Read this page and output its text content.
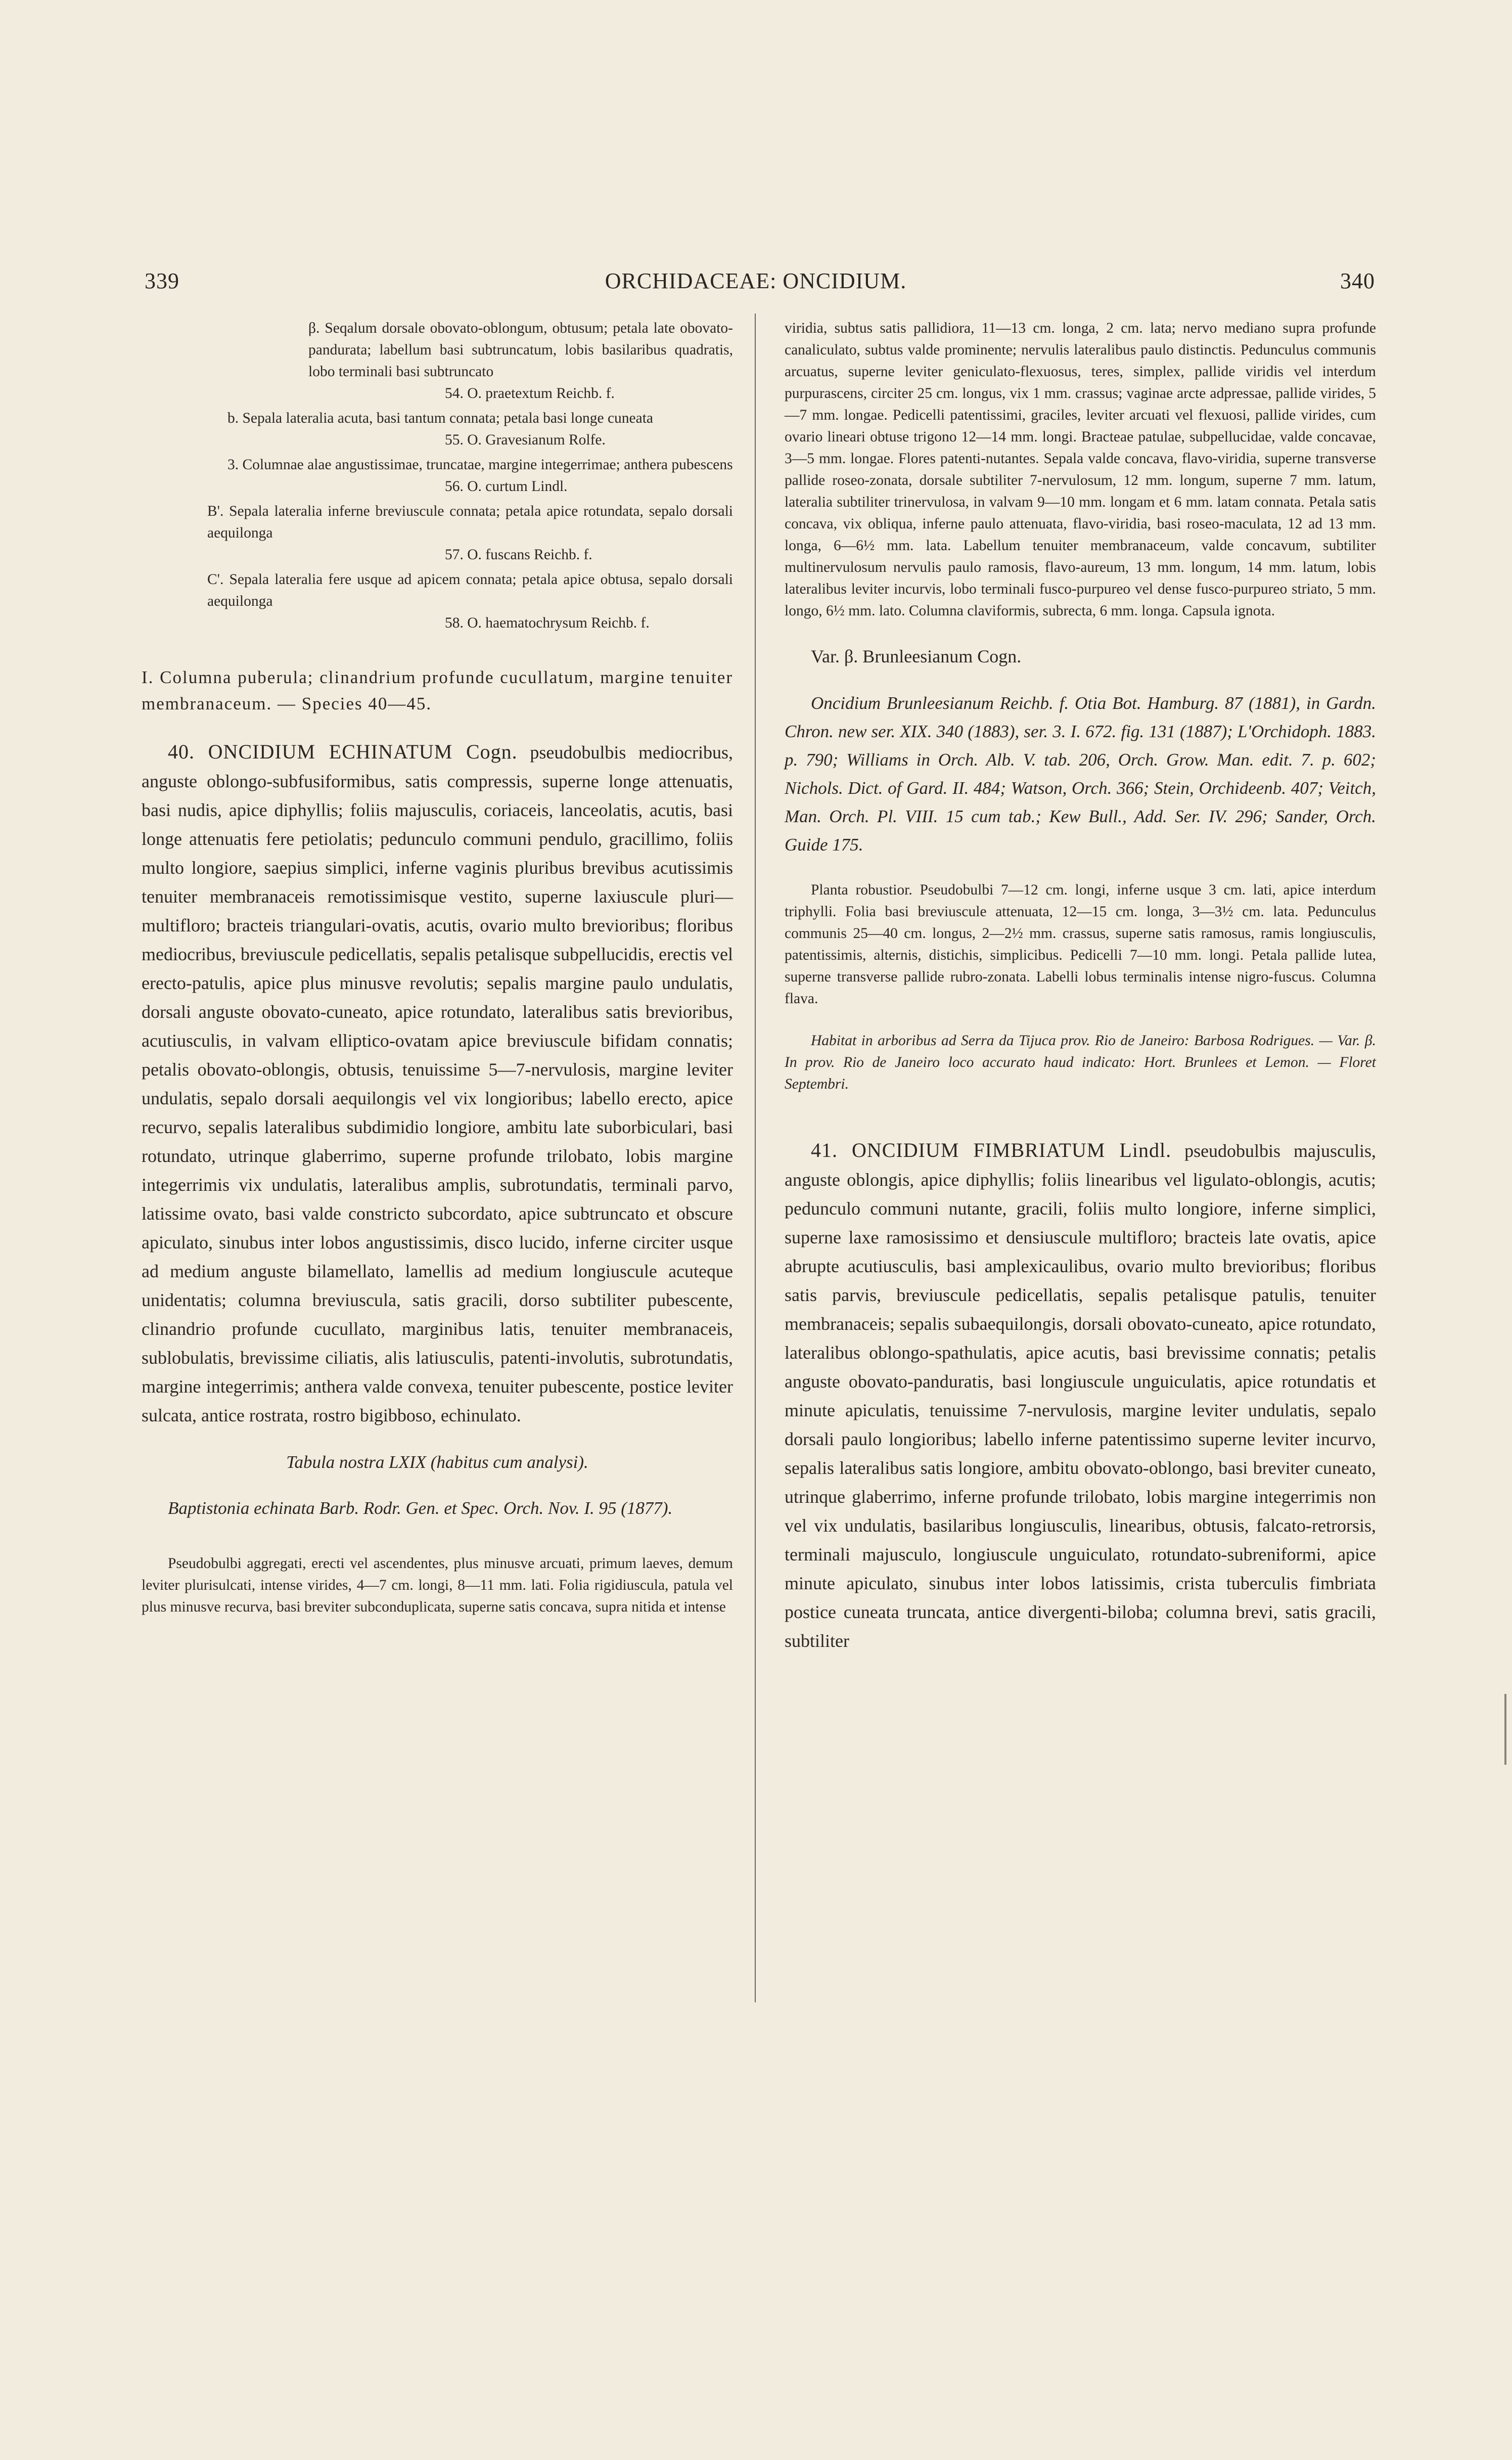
339	ORCHIDACEAE: ONCIDIUM.	340

β. Seqalum dorsale obovato-oblongum, obtusum; petala late obovato-pandurata; labellum basi subtruncatum, lobis basilaribus quadratis, lobo terminali basi subtruncato

54. O. praetextum Reichb. f.

b. Sepala lateralia acuta, basi tantum connata; petala basi longe cuneata

55. O. Gravesianum Rolfe.

3. Columnae alae angustissimae, truncatae, margine integerrimae; anthera pubescens

56. O. curtum Lindl.

B'. Sepala lateralia inferne breviuscule connata; petala apice rotundata, sepalo dorsali aequilonga

57. O. fuscans Reichb. f.

C'. Sepala lateralia fere usque ad apicem connata; petala apice obtusa, sepalo dorsali aequilonga

58. O. haematochrysum Reichb. f.

I. Columna puberula; clinandrium profunde cucullatum, margine tenuiter membranaceum. — Species 40—45.

40. ONCIDIUM ECHINATUM Cogn. pseudobulbis mediocribus, anguste oblongo-subfusiformibus, satis compressis, superne longe attenuatis, basi nudis, apice diphyllis; foliis majusculis, coriaceis, lanceolatis, acutis, basi longe attenuatis fere petiolatis; pedunculo communi pendulo, gracillimo, foliis multo longiore, saepius simplici, inferne vaginis pluribus brevibus acutissimis tenuiter membranaceis remotissimisque vestito, superne laxiuscule pluri—multifloro; bracteis triangulari-ovatis, acutis, ovario multo brevioribus; floribus mediocribus, breviuscule pedicellatis, sepalis petalisque subpellucidis, erectis vel erecto-patulis, apice plus minusve revolutis; sepalis margine paulo undulatis, dorsali anguste obovato-cuneato, apice rotundato, lateralibus satis brevioribus, acutiusculis, in valvam elliptico-ovatam apice breviuscule bifidam connatis; petalis obovato-oblongis, obtusis, tenuissime 5—7-nervulosis, margine leviter undulatis, sepalo dorsali aequilongis vel vix longioribus; labello erecto, apice recurvo, sepalis lateralibus subdimidio longiore, ambitu late suborbiculari, basi rotundato, utrinque glaberrimo, superne profunde trilobato, lobis margine integerrimis vix undulatis, lateralibus amplis, subrotundatis, terminali parvo, latissime ovato, basi valde constricto subcordato, apice subtruncato et obscure apiculato, sinubus inter lobos angustissimis, disco lucido, inferne circiter usque ad medium anguste bilamellato, lamellis ad medium longiuscule acuteque unidentatis; columna breviuscula, satis gracili, dorso subtiliter pubescente, clinandrio profunde cucullato, marginibus latis, tenuiter membranaceis, sublobulatis, brevissime ciliatis, alis latiusculis, patenti-involutis, subrotundatis, margine integerrimis; anthera valde convexa, tenuiter pubescente, postice leviter sulcata, antice rostrata, rostro bigibboso, echinulato.

Tabula nostra LXIX (habitus cum analysi).

Baptistonia echinata Barb. Rodr. Gen. et Spec. Orch. Nov. I. 95 (1877).

Pseudobulbi aggregati, erecti vel ascendentes, plus minusve arcuati, primum laeves, demum leviter plurisulcati, intense virides, 4—7 cm. longi, 8—11 mm. lati. Folia rigidiuscula, patula vel plus minusve recurva, basi breviter subconduplicata, superne satis concava, supra nitida et intense

viridia, subtus satis pallidiora, 11—13 cm. longa, 2 cm. lata; nervo mediano supra profunde canaliculato, subtus valde prominente; nervulis lateralibus paulo distinctis. Pedunculus communis arcuatus, superne leviter geniculato-flexuosus, teres, simplex, pallide viridis vel interdum purpurascens, circiter 25 cm. longus, vix 1 mm. crassus; vaginae arcte adpressae, pallide virides, 5—7 mm. longae. Pedicelli patentissimi, graciles, leviter arcuati vel flexuosi, pallide virides, cum ovario lineari obtuse trigono 12—14 mm. longi. Bracteae patulae, subpellucidae, valde concavae, 3—5 mm. longae. Flores patenti-nutantes. Sepala valde concava, flavo-viridia, superne transverse pallide roseo-zonata, dorsale subtiliter 7-nervulosum, 12 mm. longum, superne 7 mm. latum, lateralia subtiliter trinervulosa, in valvam 9—10 mm. longam et 6 mm. latam connata. Petala satis concava, vix obliqua, inferne paulo attenuata, flavo-viridia, basi roseo-maculata, 12 ad 13 mm. longa, 6—6½ mm. lata. Labellum tenuiter membranaceum, valde concavum, subtiliter multinervulosum nervulis paulo ramosis, flavo-aureum, 13 mm. longum, 14 mm. latum, lobis lateralibus leviter incurvis, lobo terminali fusco-purpureo vel dense fusco-purpureo striato, 5 mm. longo, 6½ mm. lato. Columna claviformis, subrecta, 6 mm. longa. Capsula ignota.

Var. β. Brunleesianum Cogn.

Oncidium Brunleesianum Reichb. f. Otia Bot. Hamburg. 87 (1881), in Gardn. Chron. new ser. XIX. 340 (1883), ser. 3. I. 672. fig. 131 (1887); L'Orchidoph. 1883. p. 790; Williams in Orch. Alb. V. tab. 206, Orch. Grow. Man. edit. 7. p. 602; Nichols. Dict. of Gard. II. 484; Watson, Orch. 366; Stein, Orchideenb. 407; Veitch, Man. Orch. Pl. VIII. 15 cum tab.; Kew Bull., Add. Ser. IV. 296; Sander, Orch. Guide 175.

Planta robustior. Pseudobulbi 7—12 cm. longi, inferne usque 3 cm. lati, apice interdum triphylli. Folia basi breviuscule attenuata, 12—15 cm. longa, 3—3½ cm. lata. Pedunculus communis 25—40 cm. longus, 2—2½ mm. crassus, superne satis ramosus, ramis longiusculis, patentissimis, alternis, distichis, simplicibus. Pedicelli 7—10 mm. longi. Petala pallide lutea, superne transverse pallide rubro-zonata. Labelli lobus terminalis intense nigro-fuscus. Columna flava.

Habitat in arboribus ad Serra da Tijuca prov. Rio de Janeiro: Barbosa Rodrigues. — Var. β. In prov. Rio de Janeiro loco accurato haud indicato: Hort. Brunlees et Lemon. — Floret Septembri.

41. ONCIDIUM FIMBRIATUM Lindl. pseudobulbis majusculis, anguste oblongis, apice diphyllis; foliis linearibus vel ligulato-oblongis, acutis; pedunculo communi nutante, gracili, foliis multo longiore, inferne simplici, superne laxe ramosissimo et densiuscule multifloro; bracteis late ovatis, apice abrupte acutiusculis, basi amplexicaulibus, ovario multo brevioribus; floribus satis parvis, breviuscule pedicellatis, sepalis petalisque patulis, tenuiter membranaceis; sepalis subaequilongis, dorsali obovato-cuneato, apice rotundato, lateralibus oblongo-spathulatis, apice acutis, basi brevissime connatis; petalis anguste obovato-panduratis, basi longiuscule unguiculatis, apice rotundatis et minute apiculatis, tenuissime 7-nervulosis, margine leviter undulatis, sepalo dorsali paulo longioribus; labello inferne patentissimo superne leviter incurvo, sepalis lateralibus satis longiore, ambitu obovato-oblongo, basi breviter cuneato, utrinque glaberrimo, inferne profunde trilobato, lobis margine integerrimis non vel vix undulatis, basilaribus longiusculis, linearibus, obtusis, falcato-retrorsis, terminali majusculo, longiuscule unguiculato, rotundato-subreniformi, apice minute apiculato, sinubus inter lobos latissimis, crista tuberculis fimbriata postice cuneata truncata, antice divergenti-biloba; columna brevi, satis gracili, subtiliter
